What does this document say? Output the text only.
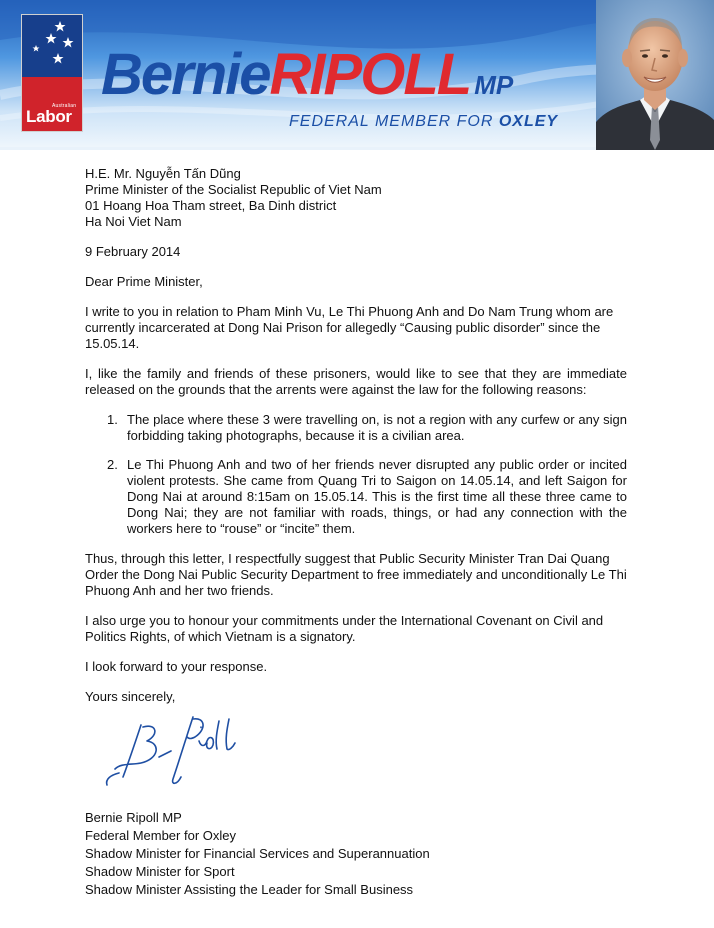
Australian
Labor
BernieRIPOLL MP
FEDERAL MEMBER FOR OXLEY
H.E. Mr. Nguyễn Tấn Dũng
Prime Minister of the Socialist Republic of Viet Nam
01 Hoang Hoa Tham street, Ba Dinh district
Ha Noi Viet Nam
9 February 2014
Dear Prime Minister,

I write to you in relation to Pham Minh Vu, Le Thi Phuong Anh and Do Nam Trung whom are currently incarcerated at Dong Nai Prison for allegedly “Causing public disorder” since the 15.05.14.

I, like the family and friends of these prisoners, would like to see that they are immediate released on the grounds that the arrents were against the law for the following reasons:

1. The place where these 3 were travelling on, is not a region with any curfew or any sign forbidding taking photographs, because it is a civilian area.
2. Le Thi Phuong Anh and two of her friends never disrupted any public order or incited violent protests. She came from Quang Tri to Saigon on 14.05.14, and left Saigon for Dong Nai at around 8:15am on 15.05.14. This is the first time all these three came to Dong Nai; they are not familiar with roads, things, or had any connection with the workers here to “rouse” or “incite” them.

Thus, through this letter, I respectfully suggest that Public Security Minister Tran Dai Quang Order the Dong Nai Public Security Department to free immediately and unconditionally Le Thi Phuong Anh and her two friends.

I also urge you to honour your commitments under the International Covenant on Civil and Politics Rights, of which Vietnam is a signatory.

I look forward to your response.

Yours sincerely,
Bernie Ripoll MP
Federal Member for Oxley
Shadow Minister for Financial Services and Superannuation
Shadow Minister for Sport
Shadow Minister Assisting the Leader for Small Business
